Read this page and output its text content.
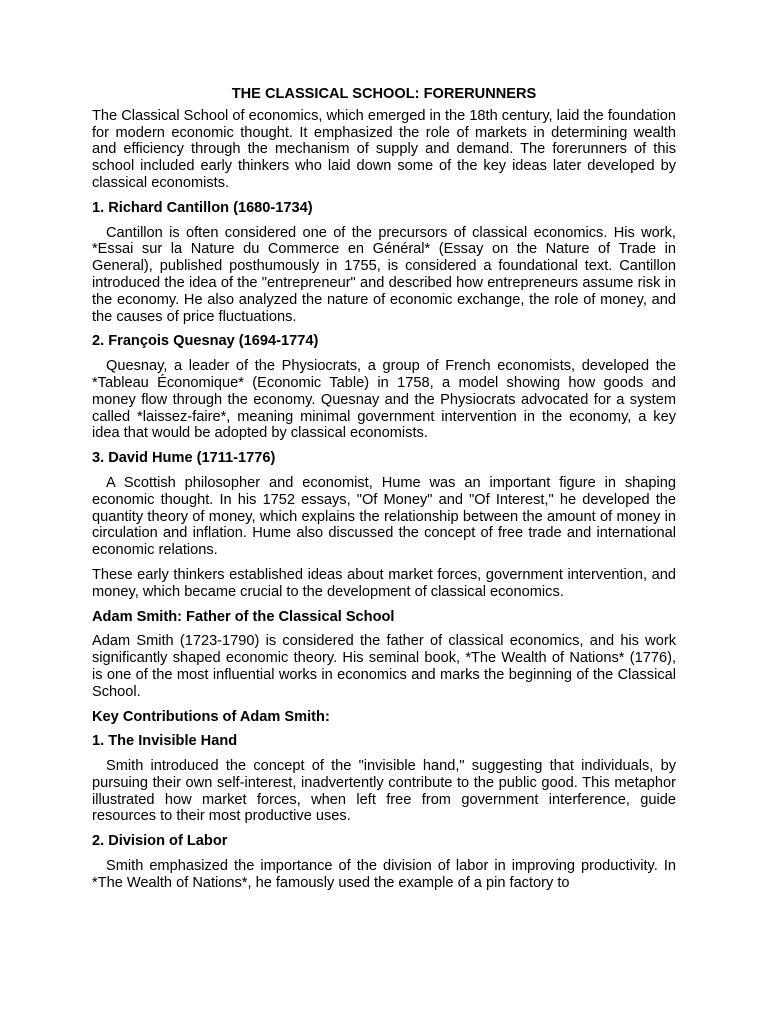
THE CLASSICAL SCHOOL: FORERUNNERS

The Classical School of economics, which emerged in the 18th century, laid the foundation for modern economic thought. It emphasized the role of markets in determining wealth and efficiency through the mechanism of supply and demand. The forerunners of this school included early thinkers who laid down some of the key ideas later developed by classical economists.

1. Richard Cantillon (1680-1734)

Cantillon is often considered one of the precursors of classical economics. His work, *Essai sur la Nature du Commerce en Général* (Essay on the Nature of Trade in General), published posthumously in 1755, is considered a foundational text. Cantillon introduced the idea of the "entrepreneur" and described how entrepreneurs assume risk in the economy. He also analyzed the nature of economic exchange, the role of money, and the causes of price fluctuations.

2. François Quesnay (1694-1774)

Quesnay, a leader of the Physiocrats, a group of French economists, developed the *Tableau Économique* (Economic Table) in 1758, a model showing how goods and money flow through the economy. Quesnay and the Physiocrats advocated for a system called *laissez-faire*, meaning minimal government intervention in the economy, a key idea that would be adopted by classical economists.

3. David Hume (1711-1776)

A Scottish philosopher and economist, Hume was an important figure in shaping economic thought. In his 1752 essays, "Of Money" and "Of Interest," he developed the quantity theory of money, which explains the relationship between the amount of money in circulation and inflation. Hume also discussed the concept of free trade and international economic relations.

These early thinkers established ideas about market forces, government intervention, and money, which became crucial to the development of classical economics.

Adam Smith: Father of the Classical School

Adam Smith (1723-1790) is considered the father of classical economics, and his work significantly shaped economic theory. His seminal book, *The Wealth of Nations* (1776), is one of the most influential works in economics and marks the beginning of the Classical School.

Key Contributions of Adam Smith:
1. The Invisible Hand

Smith introduced the concept of the "invisible hand," suggesting that individuals, by pursuing their own self-interest, inadvertently contribute to the public good. This metaphor illustrated how market forces, when left free from government interference, guide resources to their most productive uses.

2. Division of Labor

Smith emphasized the importance of the division of labor in improving productivity. In *The Wealth of Nations*, he famously used the example of a pin factory to
